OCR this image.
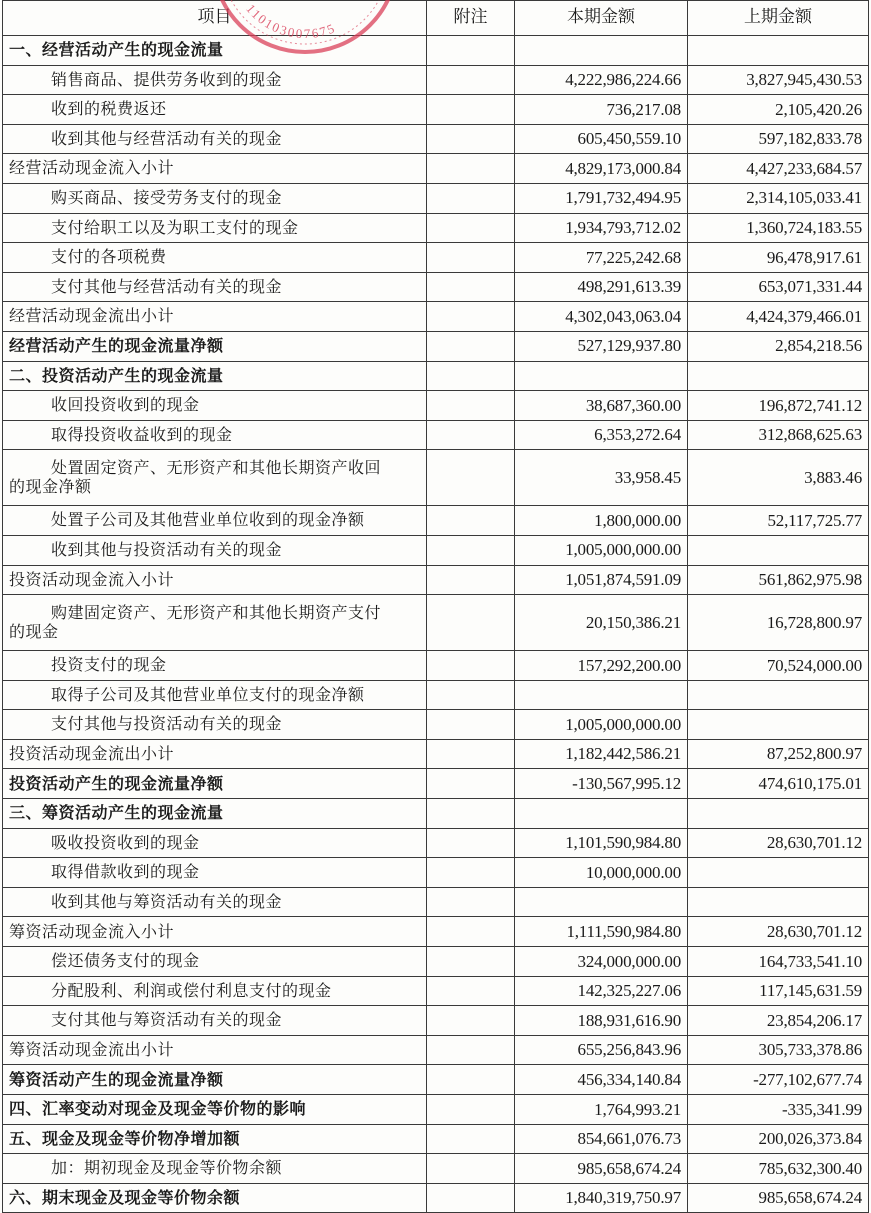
项目	附注	本期金额	上期金额
一、经营活动产生的现金流量			
销售商品、提供劳务收到的现金		4,222,986,224.66	3,827,945,430.53
收到的税费返还		736,217.08	2,105,420.26
收到其他与经营活动有关的现金		605,450,559.10	597,182,833.78
经营活动现金流入小计		4,829,173,000.84	4,427,233,684.57
购买商品、接受劳务支付的现金		1,791,732,494.95	2,314,105,033.41
支付给职工以及为职工支付的现金		1,934,793,712.02	1,360,724,183.55
支付的各项税费		77,225,242.68	96,478,917.61
支付其他与经营活动有关的现金		498,291,613.39	653,071,331.44
经营活动现金流出小计		4,302,043,063.04	4,424,379,466.01
经营活动产生的现金流量净额		527,129,937.80	2,854,218.56
二、投资活动产生的现金流量			
收回投资收到的现金		38,687,360.00	196,872,741.12
取得投资收益收到的现金		6,353,272.64	312,868,625.63
处置固定资产、无形资产和其他长期资产收回
的现金净额		33,958.45	3,883.46
处置子公司及其他营业单位收到的现金净额		1,800,000.00	52,117,725.77
收到其他与投资活动有关的现金		1,005,000,000.00	
投资活动现金流入小计		1,051,874,591.09	561,862,975.98
购建固定资产、无形资产和其他长期资产支付
的现金		20,150,386.21	16,728,800.97
投资支付的现金		157,292,200.00	70,524,000.00
取得子公司及其他营业单位支付的现金净额			
支付其他与投资活动有关的现金		1,005,000,000.00	
投资活动现金流出小计		1,182,442,586.21	87,252,800.97
投资活动产生的现金流量净额		-130,567,995.12	474,610,175.01
三、筹资活动产生的现金流量			
吸收投资收到的现金		1,101,590,984.80	28,630,701.12
取得借款收到的现金		10,000,000.00	
收到其他与筹资活动有关的现金			
筹资活动现金流入小计		1,111,590,984.80	28,630,701.12
偿还债务支付的现金		324,000,000.00	164,733,541.10
分配股利、利润或偿付利息支付的现金		142,325,227.06	117,145,631.59
支付其他与筹资活动有关的现金		188,931,616.90	23,854,206.17
筹资活动现金流出小计		655,256,843.96	305,733,378.86
筹资活动产生的现金流量净额		456,334,140.84	-277,102,677.74
四、汇率变动对现金及现金等价物的影响		1,764,993.21	-335,341.99
五、现金及现金等价物净增加额		854,661,076.73	200,026,373.84
加：期初现金及现金等价物余额		985,658,674.24	785,632,300.40
六、期末现金及现金等价物余额		1,840,319,750.97	985,658,674.24
110103007675
